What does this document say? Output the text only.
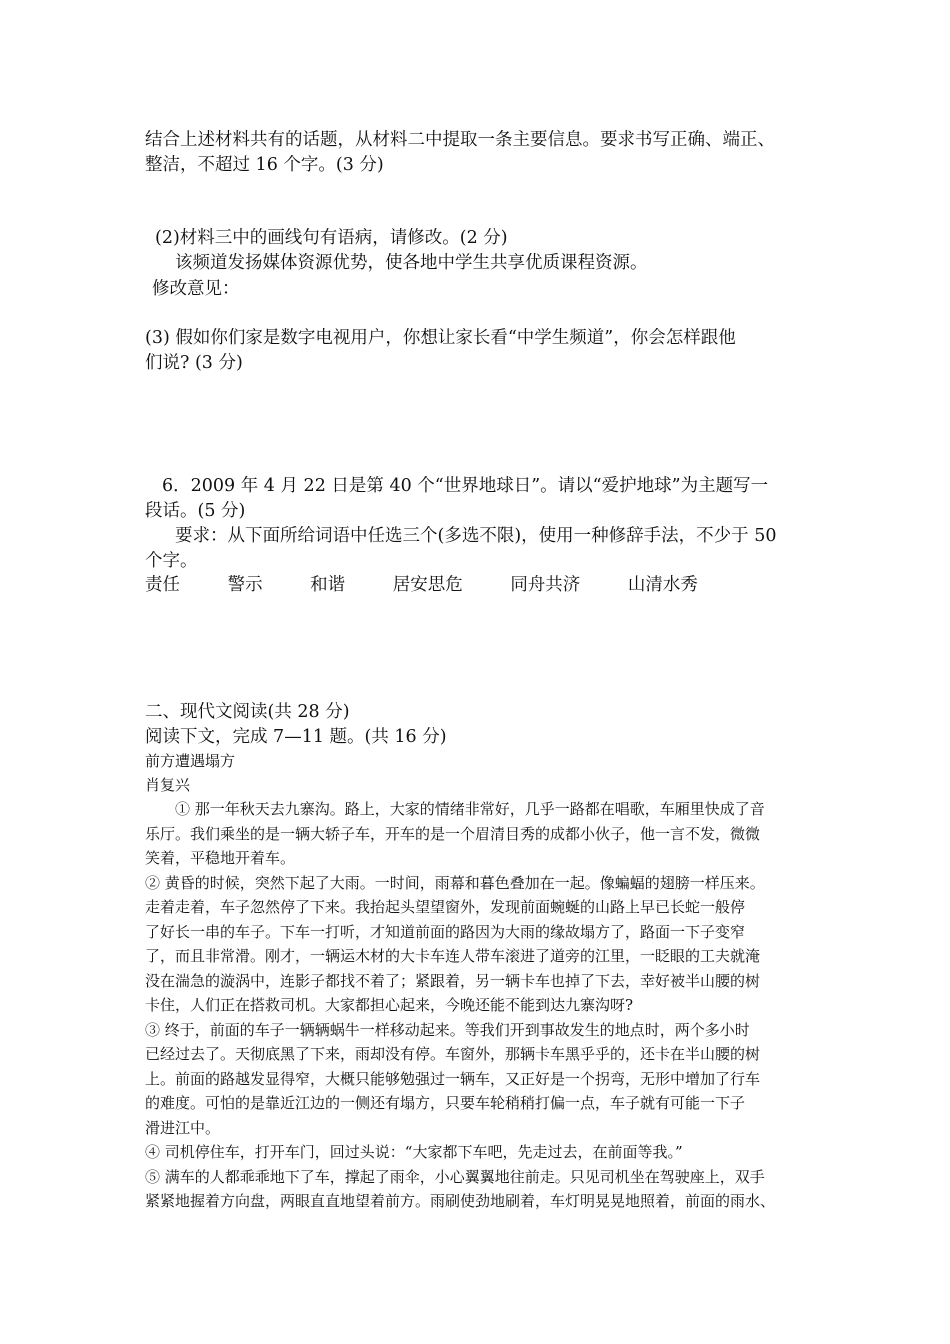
结合上述材料共有的话题，从材料二中提取一条主要信息。要求书写正确、端正、
整洁，不超过 16 个字。(3 分)
(2)材料三中的画线句有语病，请修改。(2 分)
该频道发扬媒体资源优势，使各地中学生共享优质课程资源。
修改意见：
(3) 假如你们家是数字电视用户，你想让家长看“中学生频道”，你会怎样跟他
们说? (3 分)
6．2009 年 4 月 22 日是第 40 个“世界地球日”。请以“爱护地球”为主题写一
段话。(5 分)
要求：从下面所给词语中任选三个(多选不限)，使用一种修辞手法，不少于 50
个字。
责任	警示	和谐	居安思危	同舟共济	山清水秀
二、现代文阅读(共 28 分)
阅读下文，完成 7—11 题。(共 16 分)
前方遭遇塌方
肖复兴
① 那一年秋天去九寨沟。路上，大家的情绪非常好，几乎一路都在唱歌，车厢里快成了音
乐厅。我们乘坐的是一辆大轿子车，开车的是一个眉清目秀的成都小伙子，他一言不发，微微
笑着，平稳地开着车。
② 黄昏的时候，突然下起了大雨。一时间，雨幕和暮色叠加在一起。像蝙蝠的翅膀一样压来。
走着走着，车子忽然停了下来。我抬起头望望窗外，发现前面蜿蜒的山路上早已长蛇一般停
了好长一串的车子。下车一打听，才知道前面的路因为大雨的缘故塌方了，路面一下子变窄
了，而且非常滑。刚才，一辆运木材的大卡车连人带车滚进了道旁的江里，一眨眼的工夫就淹
没在湍急的漩涡中，连影子都找不着了；紧跟着，另一辆卡车也掉了下去，幸好被半山腰的树
卡住，人们正在搭救司机。大家都担心起来，今晚还能不能到达九寨沟呀?
③ 终于，前面的车子一辆辆蜗牛一样移动起来。等我们开到事故发生的地点时，两个多小时
已经过去了。天彻底黑了下来，雨却没有停。车窗外，那辆卡车黑乎乎的，还卡在半山腰的树
上。前面的路越发显得窄，大概只能够勉强过一辆车，又正好是一个拐弯，无形中增加了行车
的难度。可怕的是靠近江边的一侧还有塌方，只要车轮稍稍打偏一点，车子就有可能一下子
滑进江中。
④ 司机停住车，打开车门，回过头说：“大家都下车吧，先走过去，在前面等我。”
⑤ 满车的人都乖乖地下了车，撑起了雨伞，小心翼翼地往前走。只见司机坐在驾驶座上，双手
紧紧地握着方向盘，两眼直直地望着前方。雨刷使劲地刷着，车灯明晃晃地照着，前面的雨水、
